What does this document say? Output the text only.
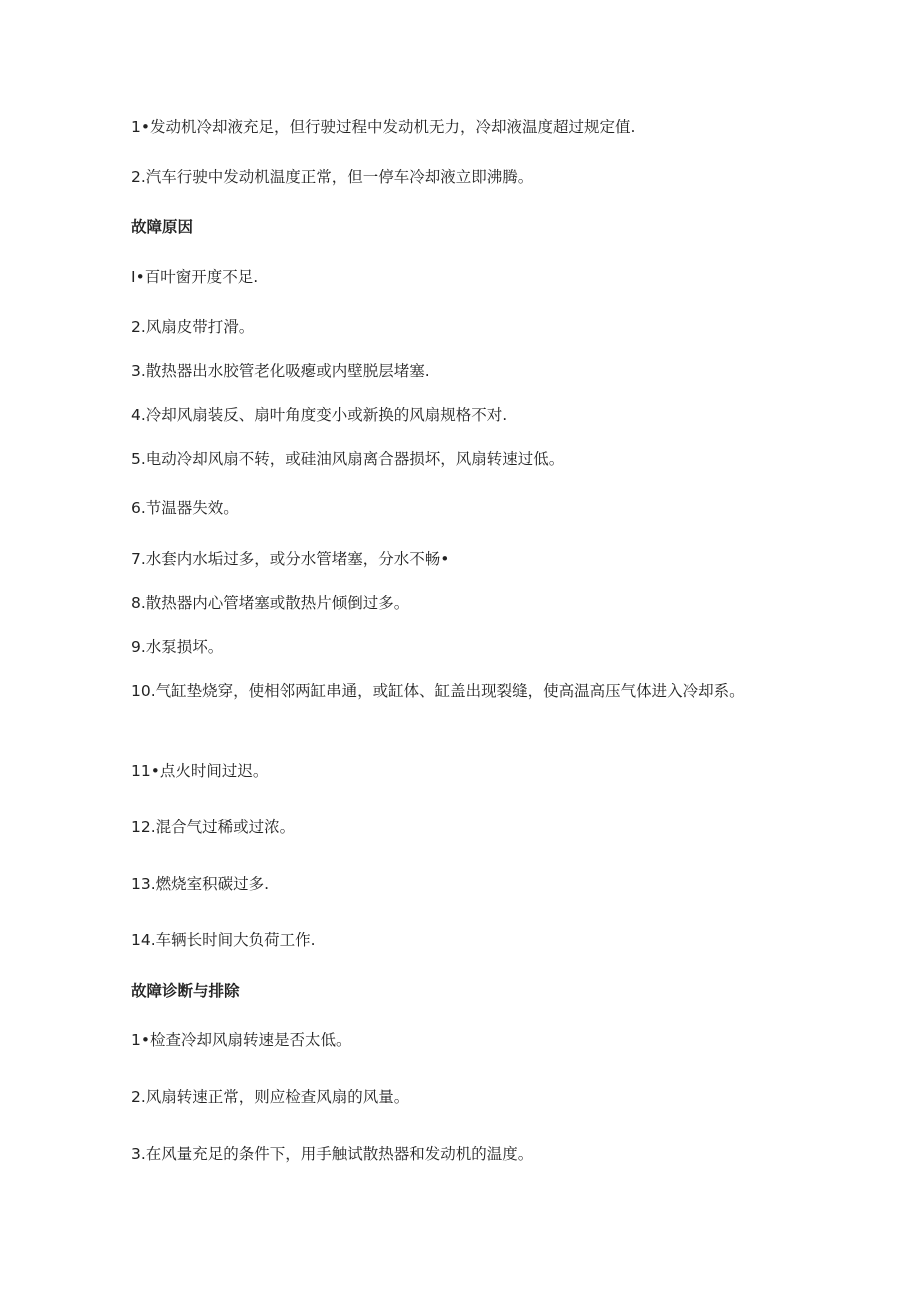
1•发动机冷却液充足，但行驶过程中发动机无力，冷却液温度超过规定值.

2.汽车行驶中发动机温度正常，但一停车冷却液立即沸腾。

故障原因

I•百叶窗开度不足.

2.风扇皮带打滑。

3.散热器出水胶管老化吸瘪或内壁脱层堵塞.

4.冷却风扇装反、扇叶角度变小或新换的风扇规格不对.

5.电动冷却风扇不转，或硅油风扇离合器损坏，风扇转速过低。

6.节温器失效。

7.水套内水垢过多，或分水管堵塞，分水不畅•

8.散热器内心管堵塞或散热片倾倒过多。

9.水泵损坏。

10.气缸垫烧穿，使相邻两缸串通，或缸体、缸盖出现裂缝，使高温高压气体进入冷却系。

11•点火时间过迟。

12.混合气过稀或过浓。

13.燃烧室积碳过多.

14.车辆长时间大负荷工作.

故障诊断与排除

1•检查冷却风扇转速是否太低。

2.风扇转速正常，则应检查风扇的风量。

3.在风量充足的条件下，用手触试散热器和发动机的温度。
